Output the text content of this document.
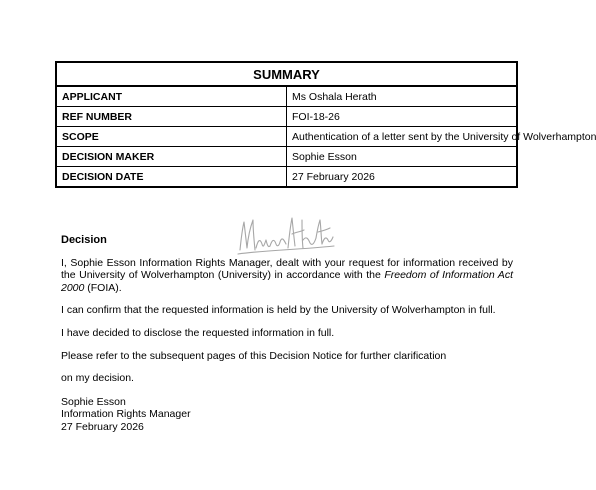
SUMMARY	
APPLICANT	Ms Oshala Herath
REF NUMBER	FOI-18-26
SCOPE	Authentication of a letter sent by the University of Wolverhampton
DECISION MAKER	Sophie Esson
DECISION DATE	27 February 2026

Decision

I, Sophie Esson Information Rights Manager, dealt with your request for information received by the University of Wolverhampton (University) in accordance with the Freedom of Information Act 2000 (FOIA).

I can confirm that the requested information is held by the University of Wolverhampton in full.

I have decided to disclose the requested information in full.

Please refer to the subsequent pages of this Decision Notice for further clarification

on my decision.

Sophie Esson
Information Rights Manager
27 February 2026
